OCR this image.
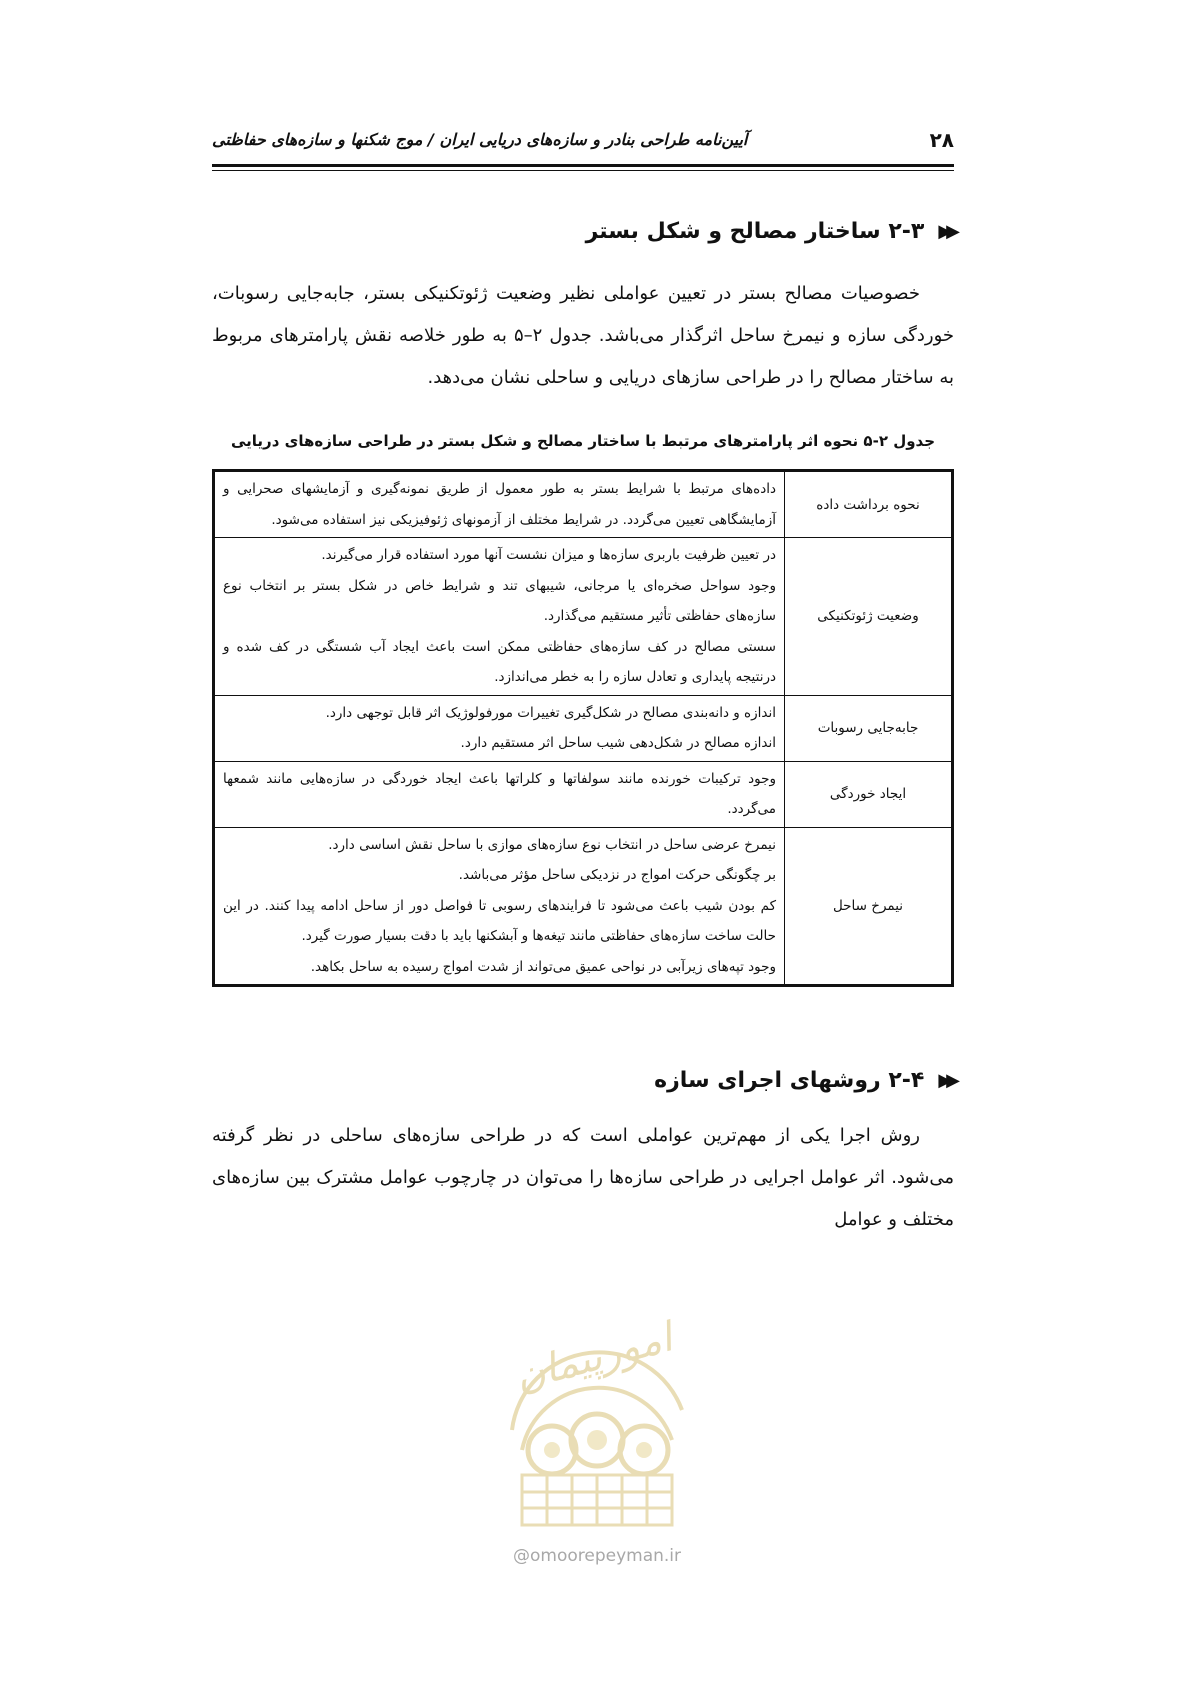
۲۸
آیین‌نامه طراحی بنادر و سازه‌های دریایی ایران / موج شکنها و سازه‌های حفاظتی
▶▶
۲-۳ ساختار مصالح و شکل بستر
خصوصیات مصالح بستر در تعیین عواملی نظیر وضعیت ژئوتکنیکی بستر، جابه‌جایی رسوبات، خوردگی سازه و نیمرخ ساحل اثرگذار می‌باشد. جدول ۲–۵ به طور خلاصه نقش پارامترهای مربوط به ساختار مصالح را در طراحی سازهای دریایی و ساحلی نشان می‌دهد.
جدول ۲-۵ نحوه اثر پارامترهای مرتبط با ساختار مصالح و شکل بستر در طراحی سازه‌های دریایی
نحوه برداشت داده	داده‌های مرتبط با شرایط بستر به طور معمول از طریق نمونه‌گیری و آزمایشهای صحرایی و آزمایشگاهی تعیین می‌گردد. در شرایط مختلف از آزمونهای ژئوفیزیکی نیز استفاده می‌شود.

وضعیت ژئوتکنیکی	در تعیین ظرفیت باربری سازه‌ها و میزان نشست آنها مورد استفاده قرار می‌گیرند.
وجود سواحل صخره‌ای یا مرجانی، شیبهای تند و شرایط خاص در شکل بستر بر انتخاب نوع سازه‌های حفاظتی تأثیر مستقیم می‌گذارد.
سستی مصالح در کف سازه‌های حفاظتی ممکن است باعث ایجاد آب شستگی در کف شده و درنتیجه پایداری و تعادل سازه را به خطر می‌اندازد.

جابه‌جایی رسوبات	اندازه و دانه‌بندی مصالح در شکل‌گیری تغییرات مورفولوژیک اثر قابل توجهی دارد.
اندازه مصالح در شکل‌دهی شیب ساحل اثر مستقیم دارد.

ایجاد خوردگی	وجود ترکیبات خورنده مانند سولفاتها و کلراتها باعث ایجاد خوردگی در سازه‌هایی مانند شمعها می‌گردد.

نیمرخ ساحل	نیمرخ عرضی ساحل در انتخاب نوع سازه‌های موازی با ساحل نقش اساسی دارد.
بر چگونگی حرکت امواج در نزدیکی ساحل مؤثر می‌باشد.
کم بودن شیب باعث می‌شود تا فرایندهای رسوبی تا فواصل دور از ساحل ادامه پیدا کنند. در این حالت ساخت سازه‌های حفاظتی مانند تیغه‌ها و آبشکنها باید با دقت بسیار صورت گیرد.
وجود تپه‌های زیرآبی در نواحی عمیق می‌تواند از شدت امواج رسیده به ساحل بکاهد.
▶▶
۲-۴ روشهای اجرای سازه
روش اجرا یکی از مهم‌ترین عواملی است که در طراحی سازه‌های ساحلی در نظر گرفته می‌شود. اثر عوامل اجرایی در طراحی سازه‌ها را می‌توان در چارچوب عوامل مشترک بین سازه‌های مختلف و عوامل
امورپیمان
@omoorepeyman.ir
